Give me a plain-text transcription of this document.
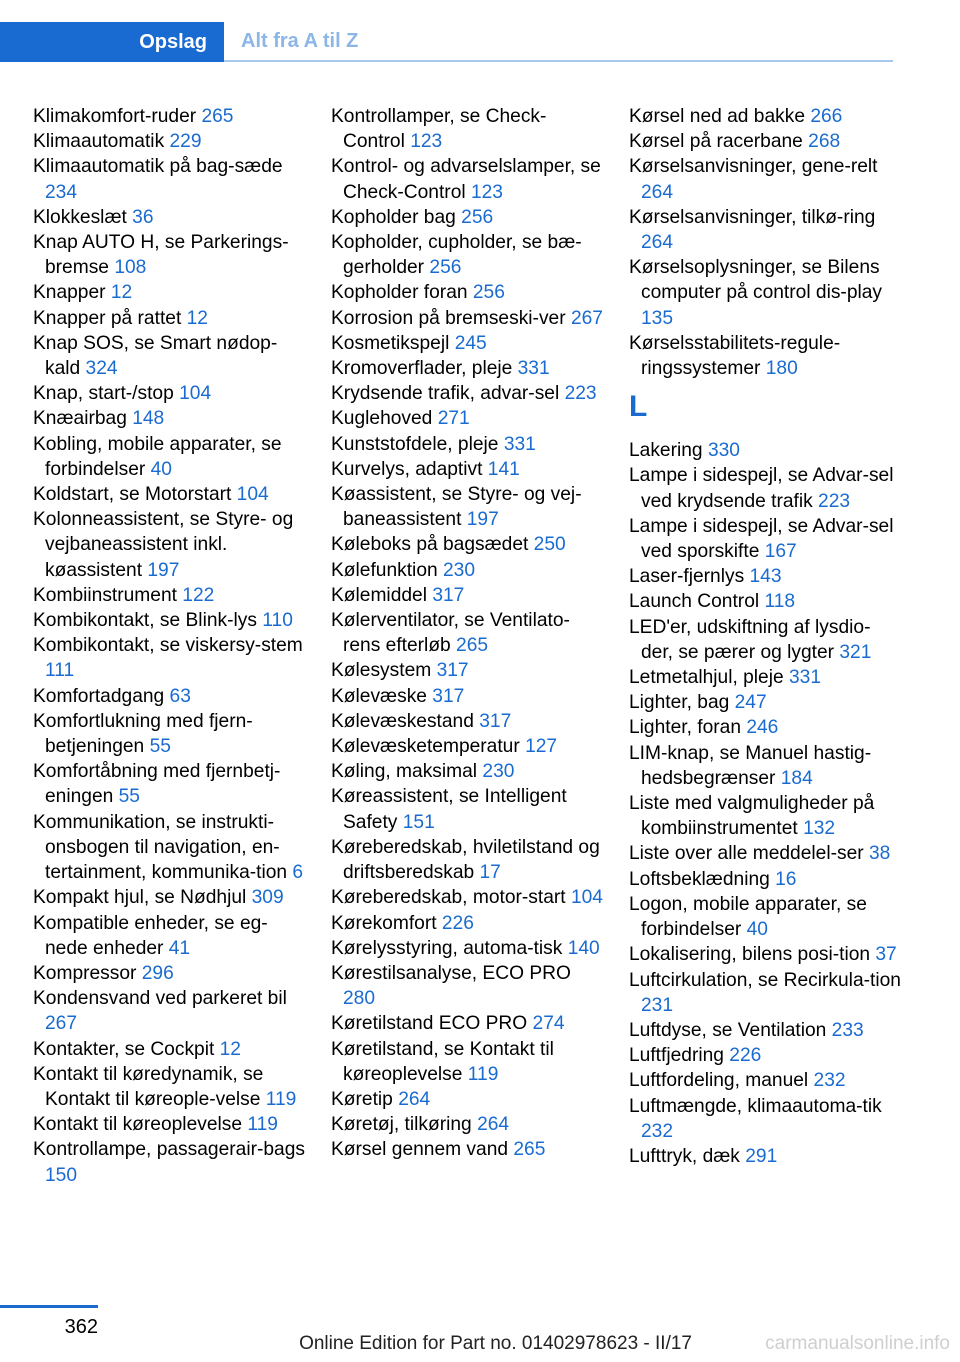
Opslag	Alt fra A til Z
Klimakomfort-ruder 265
Klimaautomatik 229
Klimaautomatik på bag-sæde 234
Klokkeslæt 36
Knap AUTO H, se Parkerings-bremse 108
Knapper 12
Knapper på rattet 12
Knap SOS, se Smart nødop-kald 324
Knap, start-/stop 104
Knæairbag 148
Kobling, mobile apparater, se forbindelser 40
Koldstart, se Motorstart 104
Kolonneassistent, se Styre- og vejbaneassistent inkl. køassistent 197
Kombiinstrument 122
Kombikontakt, se Blink-lys 110
Kombikontakt, se viskersy-stem 111
Komfortadgang 63
Komfortlukning med fjern-betjeningen 55
Komfortåbning med fjernbetj-eningen 55
Kommunikation, se instrukti-onsbogen til navigation, en-tertainment, kommunika-tion 6
Kompakt hjul, se Nødhjul 309
Kompatible enheder, se eg-nede enheder 41
Kompressor 296
Kondensvand ved parkeret bil 267
Kontakter, se Cockpit 12
Kontakt til køredynamik, se Kontakt til køreople-velse 119
Kontakt til køreoplevelse 119
Kontrollampe, passagerair-bags 150
Kontrollamper, se Check-Control 123
Kontrol- og advarselslamper, se Check-Control 123
Kopholder bag 256
Kopholder, cupholder, se bæ-gerholder 256
Kopholder foran 256
Korrosion på bremseski-ver 267
Kosmetikspejl 245
Kromoverflader, pleje 331
Krydsende trafik, advar-sel 223
Kuglehoved 271
Kunststofdele, pleje 331
Kurvelys, adaptivt 141
Køassistent, se Styre- og vej-baneassistent 197
Køleboks på bagsædet 250
Kølefunktion 230
Kølemiddel 317
Kølerventilator, se Ventilato-rens efterløb 265
Kølesystem 317
Kølevæske 317
Kølevæskestand 317
Kølevæsketemperatur 127
Køling, maksimal 230
Køreassistent, se Intelligent Safety 151
Køreberedskab, hviletilstand og driftsberedskab 17
Køreberedskab, motor-start 104
Kørekomfort 226
Kørelysstyring, automa-tisk 140
Kørestilsanalyse, ECO PRO 280
Køretilstand ECO PRO 274
Køretilstand, se Kontakt til køreoplevelse 119
Køretip 264
Køretøj, tilkøring 264
Kørsel gennem vand 265
Kørsel ned ad bakke 266
Kørsel på racerbane 268
Kørselsanvisninger, gene-relt 264
Kørselsanvisninger, tilkø-ring 264
Kørselsoplysninger, se Bilens computer på control dis-play 135
Kørselsstabilitets-regule-ringssystemer 180
L
Lakering 330
Lampe i sidespejl, se Advar-sel ved krydsende trafik 223
Lampe i sidespejl, se Advar-sel ved sporskifte 167
Laser-fjernlys 143
Launch Control 118
LED'er, udskiftning af lysdio-der, se pærer og lygter 321
Letmetalhjul, pleje 331
Lighter, bag 247
Lighter, foran 246
LIM-knap, se Manuel hastig-hedsbegrænser 184
Liste med valgmuligheder på kombiinstrumentet 132
Liste over alle meddelel-ser 38
Loftsbeklædning 16
Logon, mobile apparater, se forbindelser 40
Lokalisering, bilens posi-tion 37
Luftcirkulation, se Recirkula-tion 231
Luftdyse, se Ventilation 233
Luftfjedring 226
Luftfordeling, manuel 232
Luftmængde, klimaautoma-tik 232
Lufttryk, dæk 291
362
Online Edition for Part no. 01402978623 - II/17	carmanualsonline.info
